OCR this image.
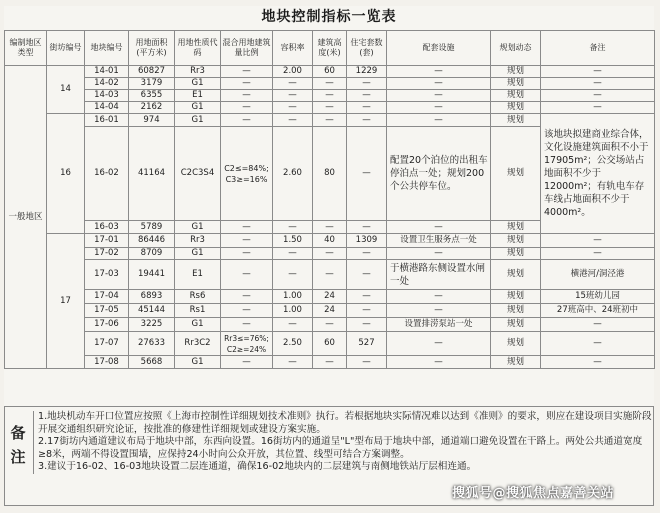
地块控制指标一览表
编制地区类型	街坊编号	地块编号	用地面积(平方米)	用地性质代码	混合用地建筑量比例	容积率	建筑高度(米)	住宅套数(套)	配套设施	规划动态	备注
一般地区	14	14-01	60827	Rr3	—	2.00	60	1229	—	规划	—
		14-02	3179	G1	—	—	—	—	—	规划	—
		14-03	6355	E1	—	—	—	—	—	规划	—
		14-04	2162	G1	—	—	—	—	—	规划	—
	16	16-01	974	G1	—	—	—	—	—	规划	该地块拟建商业综合体，文化设施建筑面积不小于17905m²；公交场站占地面积不少于12000m²；有轨电车存车线占地面积不少于4000m²。
		16-02	41164	C2C3S4	C2≤=84%; C3≥=16%	2.60	80	—	配置20个泊位的出租车停泊点一处；规划200个公共停车位。	规划	
		16-03	5789	G1	—	—	—	—	—	规划	
	17	17-01	86446	Rr3	—	1.50	40	1309	设置卫生服务点一处	规划	—
		17-02	8709	G1	—	—	—	—	—	规划	—
		17-03	19441	E1	—	—	—	—	于横港路东侧设置水闸一处	规划	横港河/洞泾港
		17-04	6893	Rs6	—	1.00	24	—	—	规划	15班幼儿园
		17-05	45144	Rs1	—	1.00	24	—	—	规划	27班高中、24班初中
		17-06	3225	G1	—	—	—	—	设置排涝泵站一处	规划	—
		17-07	27633	Rr3C2	Rr3≤=76%; C2≥=24%	2.50	60	527	—	规划	—
		17-08	5668	G1	—	—	—	—	—	规划	—
备注

1.地块机动车开口位置应按照《上海市控制性详细规划技术准则》执行。若根据地块实际情况难以达到《准则》的要求，则应在建设项目实施阶段开展交通组织研究论证，按批准的修建性详细规划或建设方案实施。

2.17街坊内通道建议布局于地块中部，东西向设置。16街坊内的通道呈"L"型布局于地块中部，通道端口避免设置在干路上。两处公共通道宽度≥8米，两端不得设置围墙，应保持24小时向公众开放，其位置、线型可结合方案调整。

3.建议于16-02、16-03地块设置二层连通道，确保16-02地块内的二层建筑与南侧地铁站厅层相连通。

搜狐号@搜狐焦点嘉善关站
